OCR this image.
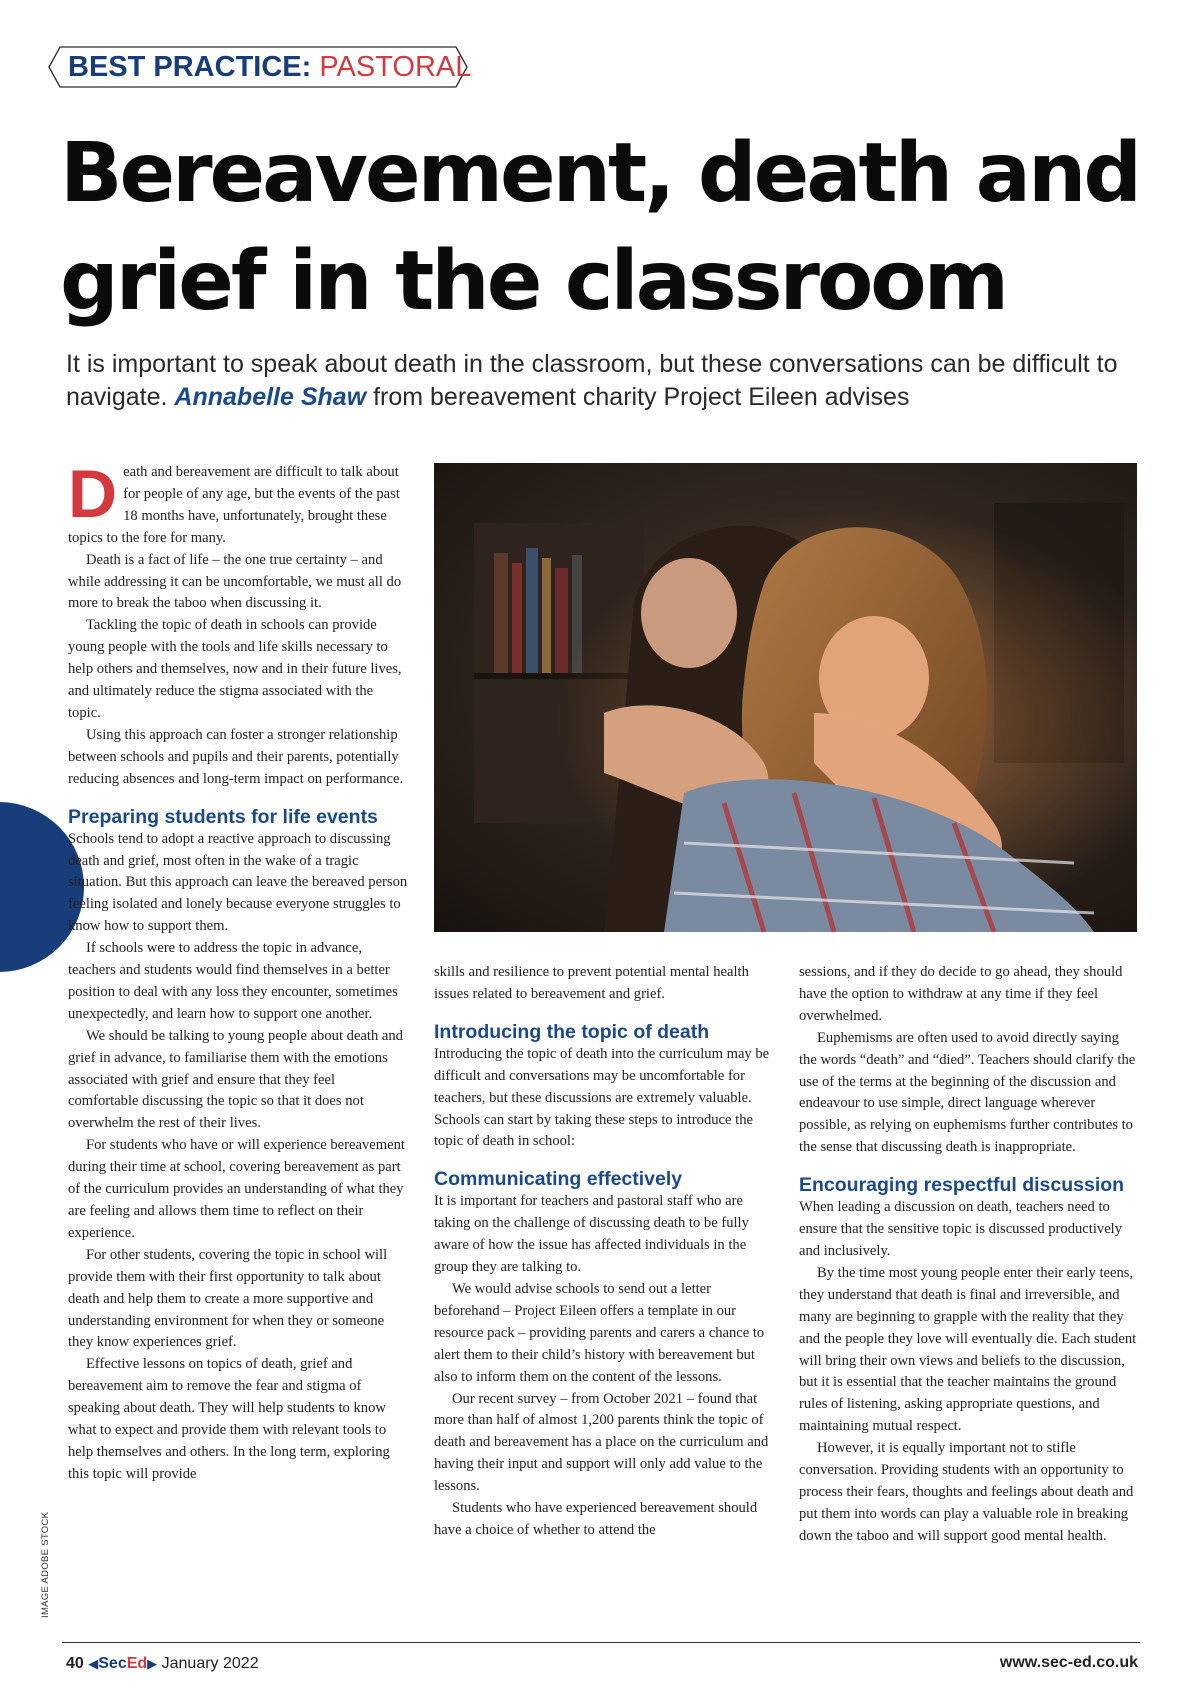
BEST PRACTICE: PASTORAL
Bereavement, death and grief in the classroom

It is important to speak about death in the classroom, but these conversations can be difficult to navigate. Annabelle Shaw from bereavement charity Project Eileen advises

Death and bereavement are difficult to talk about for people of any age, but the events of the past 18 months have, unfortunately, brought these topics to the fore for many.

Death is a fact of life – the one true certainty – and while addressing it can be uncomfortable, we must all do more to break the taboo when discussing it.

Tackling the topic of death in schools can provide young people with the tools and life skills necessary to help others and themselves, now and in their future lives, and ultimately reduce the stigma associated with the topic.

Using this approach can foster a stronger relationship between schools and pupils and their parents, potentially reducing absences and long-term impact on performance.

Preparing students for life events

Schools tend to adopt a reactive approach to discussing death and grief, most often in the wake of a tragic situation. But this approach can leave the bereaved person feeling isolated and lonely because everyone struggles to know how to support them.

If schools were to address the topic in advance, teachers and students would find themselves in a better position to deal with any loss they encounter, sometimes unexpectedly, and learn how to support one another.

We should be talking to young people about death and grief in advance, to familiarise them with the emotions associated with grief and ensure that they feel comfortable discussing the topic so that it does not overwhelm the rest of their lives.

For students who have or will experience bereavement during their time at school, covering bereavement as part of the curriculum provides an understanding of what they are feeling and allows them time to reflect on their experience.

For other students, covering the topic in school will provide them with their first opportunity to talk about death and help them to create a more supportive and understanding environment for when they or someone they know experiences grief.

Effective lessons on topics of death, grief and bereavement aim to remove the fear and stigma of speaking about death. They will help students to know what to expect and provide them with relevant tools to help themselves and others. In the long term, exploring this topic will provide

skills and resilience to prevent potential mental health issues related to bereavement and grief.

Introducing the topic of death

Introducing the topic of death into the curriculum may be difficult and conversations may be uncomfortable for teachers, but these discussions are extremely valuable. Schools can start by taking these steps to introduce the topic of death in school:

Communicating effectively

It is important for teachers and pastoral staff who are taking on the challenge of discussing death to be fully aware of how the issue has affected individuals in the group they are talking to.

We would advise schools to send out a letter beforehand – Project Eileen offers a template in our resource pack – providing parents and carers a chance to alert them to their child’s history with bereavement but also to inform them on the content of the lessons.

Our recent survey – from October 2021 – found that more than half of almost 1,200 parents think the topic of death and bereavement has a place on the curriculum and having their input and support will only add value to the lessons.

Students who have experienced bereavement should have a choice of whether to attend the

sessions, and if they do decide to go ahead, they should have the option to withdraw at any time if they feel overwhelmed.

Euphemisms are often used to avoid directly saying the words “death” and “died”. Teachers should clarify the use of the terms at the beginning of the discussion and endeavour to use simple, direct language wherever possible, as relying on euphemisms further contributes to the sense that discussing death is inappropriate.

Encouraging respectful discussion

When leading a discussion on death, teachers need to ensure that the sensitive topic is discussed productively and inclusively.

By the time most young people enter their early teens, they understand that death is final and irreversible, and many are beginning to grapple with the reality that they and the people they love will eventually die. Each student will bring their own views and beliefs to the discussion, but it is essential that the teacher maintains the ground rules of listening, asking appropriate questions, and maintaining mutual respect.

However, it is equally important not to stifle conversation. Providing students with an opportunity to process their fears, thoughts and feelings about death and put them into words can play a valuable role in breaking down the taboo and will support good mental health.

IMAGE ADOBE STOCK
40 ◀SecEd▶ January 2022	www.sec-ed.co.uk
